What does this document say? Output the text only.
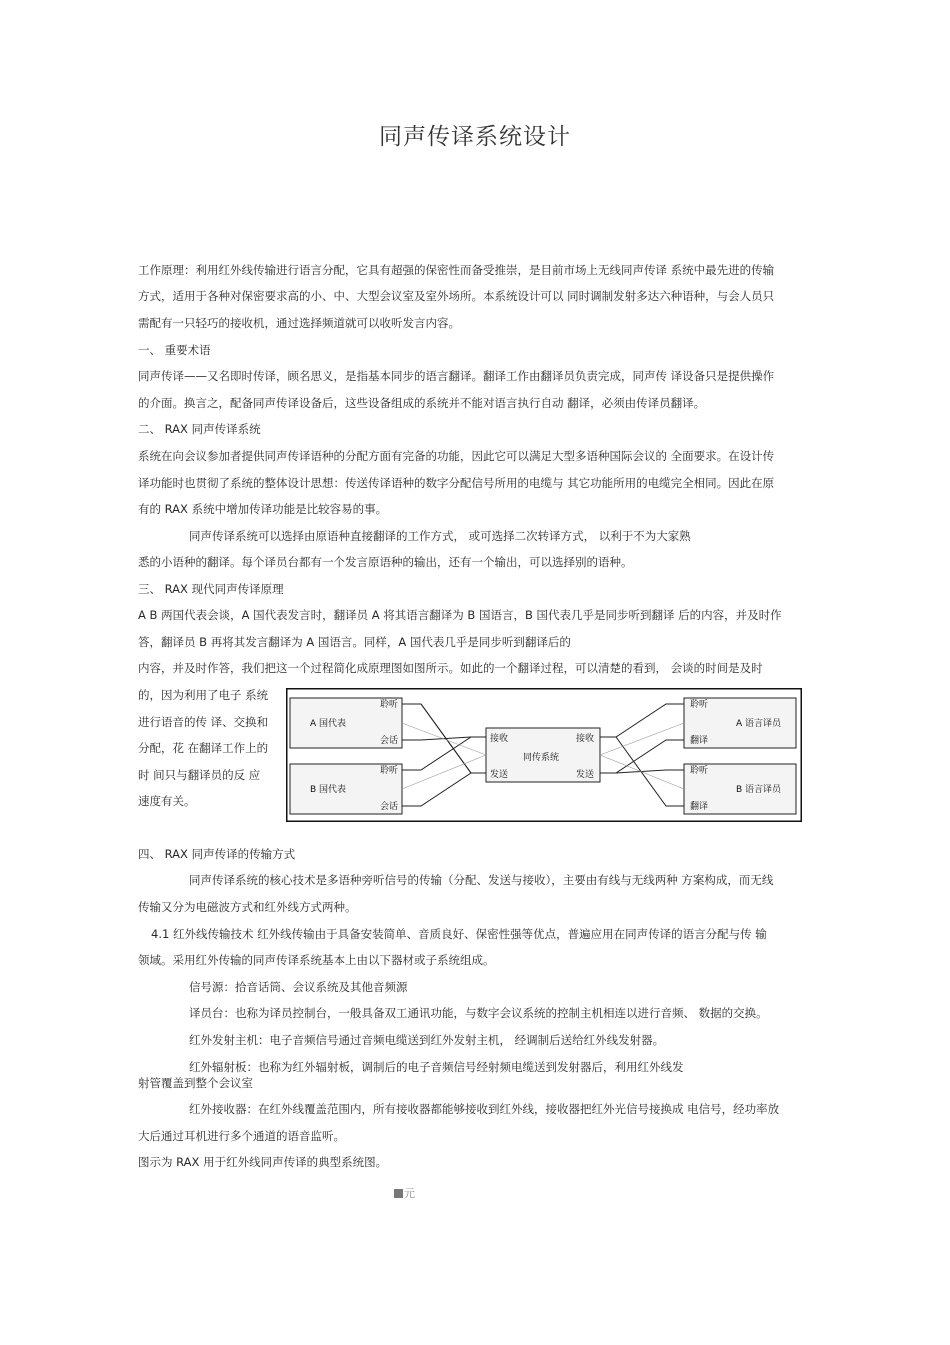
同声传译系统设计
工作原理：利用红外线传输进行语言分配，它具有超强的保密性而备受推崇，是目前市场上无线同声传译 系统中最先进的传输
方式，适用于各种对保密要求高的小、中、大型会议室及室外场所。本系统设计可以 同时调制发射多达六种语种，与会人员只
需配有一只轻巧的接收机，通过选择频道就可以收听发言内容。
一、 重要术语
同声传译——又名即时传译，顾名思义，是指基本同步的语言翻译。翻译工作由翻译员负责完成，同声传 译设备只是提供操作
的介面。换言之，配备同声传译设备后，这些设备组成的系统并不能对语言执行自动 翻译，必须由传译员翻译。
二、 RAX 同声传译系统
系统在向会议参加者提供同声传译语种的分配方面有完备的功能，因此它可以满足大型多语种国际会议的 全面要求。在设计传
译功能时也贯彻了系统的整体设计思想：传送传译语种的数字分配信号所用的电缆与 其它功能所用的电缆完全相同。因此在原
有的 RAX 系统中增加传译功能是比较容易的事。
同声传译系统可以选择由原语种直接翻译的工作方式， 或可选择二次转译方式， 以利于不为大家熟
悉的小语种的翻译。每个译员台都有一个发言原语种的输出，还有一个输出，可以选择别的语种。
三、 RAX 现代同声传译原理
A B 两国代表会谈，A 国代表发言时，翻译员 A 将其语言翻译为 B 国语言，B 国代表几乎是同步听到翻译 后的内容，并及时作
答，翻译员 B 再将其发言翻译为 A 国语言。同样，A 国代表几乎是同步听到翻译后的
内容，并及时作答，我们把这一个过程简化成原理图如图所示。如此的一个翻译过程，可以清楚的看到， 会谈的时间是及时
的，因为利用了电子 系统
进行语音的传 译、交换和
分配，花 在翻译工作上的
时 间只与翻译员的反 应
速度有关。
四、 RAX 同声传译的传输方式
同声传译系统的核心技术是多语种旁听信号的传输（分配、发送与接收），主要由有线与无线两种 方案构成，而无线
传输又分为电磁波方式和红外线方式两种。
4.1 红外线传输技术 红外线传输由于具备安装简单、音质良好、保密性强等优点，普遍应用在同声传译的语言分配与传 输
领域。采用红外传输的同声传译系统基本上由以下器材或子系统组成。
信号源：拾音话筒、会议系统及其他音频源
译员台：也称为译员控制台，一般具备双工通讯功能，与数字会议系统的控制主机相连以进行音频、 数据的交换。
红外发射主机：电子音频信号通过音频电缆送到红外发射主机， 经调制后送给红外线发射器。
红外辐射板：也称为红外辐射板，调制后的电子音频信号经射频电缆送到发射器后，利用红外线发
射管覆盖到整个会议室
红外接收器：在红外线覆盖范围内，所有接收器都能够接收到红外线，接收器把红外光信号接换成 电信号，经功率放
大后通过耳机进行多个通道的语音监听。
图示为 RAX 用于红外线同声传译的典型系统图。
A 国代表
聆听
会话
B 国代表
聆听
会话
接收	接收
同传系统
发送	发送
聆听
A 语言译员
翻译
聆听
B 语言译员
翻译
元
